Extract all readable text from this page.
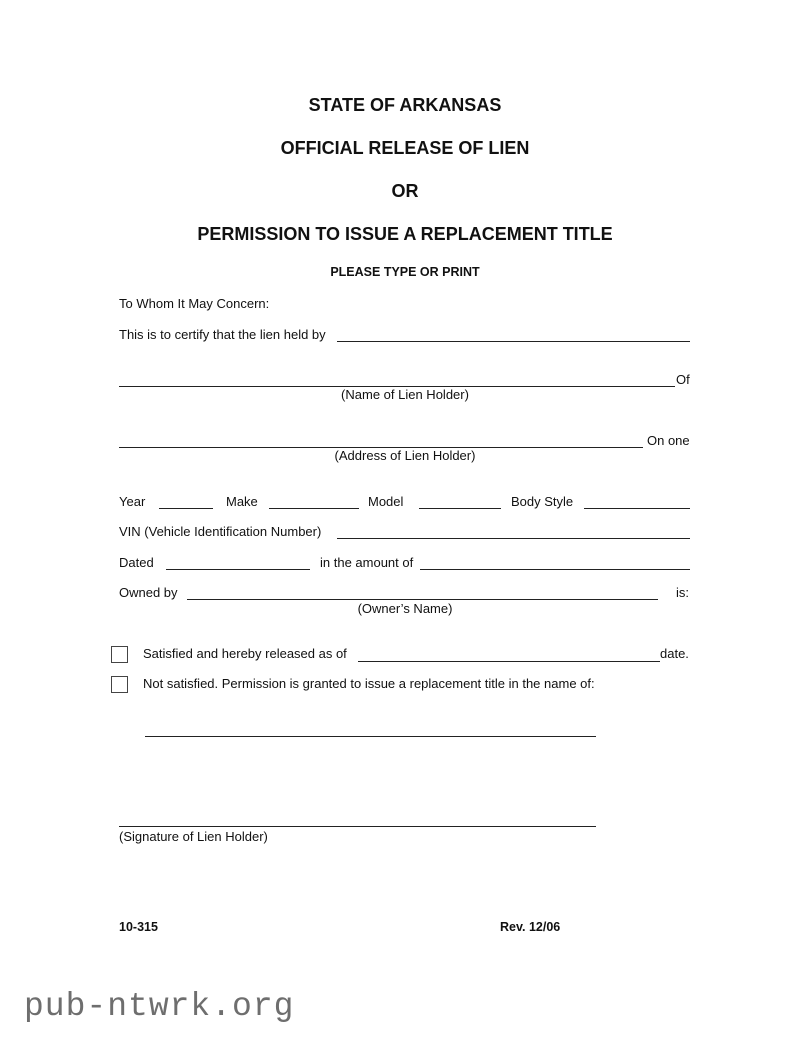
STATE OF ARKANSAS
OFFICIAL RELEASE OF LIEN
OR
PERMISSION TO ISSUE A REPLACEMENT TITLE
PLEASE TYPE OR PRINT
To Whom It May Concern:
This is to certify that the lien held by
Of
(Name of Lien Holder)
On one
(Address of Lien Holder)
Year	Make	Model	Body Style
VIN (Vehicle Identification Number)
Dated	in the amount of
Owned by	is:
(Owner’s Name)
Satisfied and hereby released as of	date.
Not satisfied. Permission is granted to issue a replacement title in the name of:
(Signature of Lien Holder)
10-315	Rev. 12/06
pub-ntwrk.org
